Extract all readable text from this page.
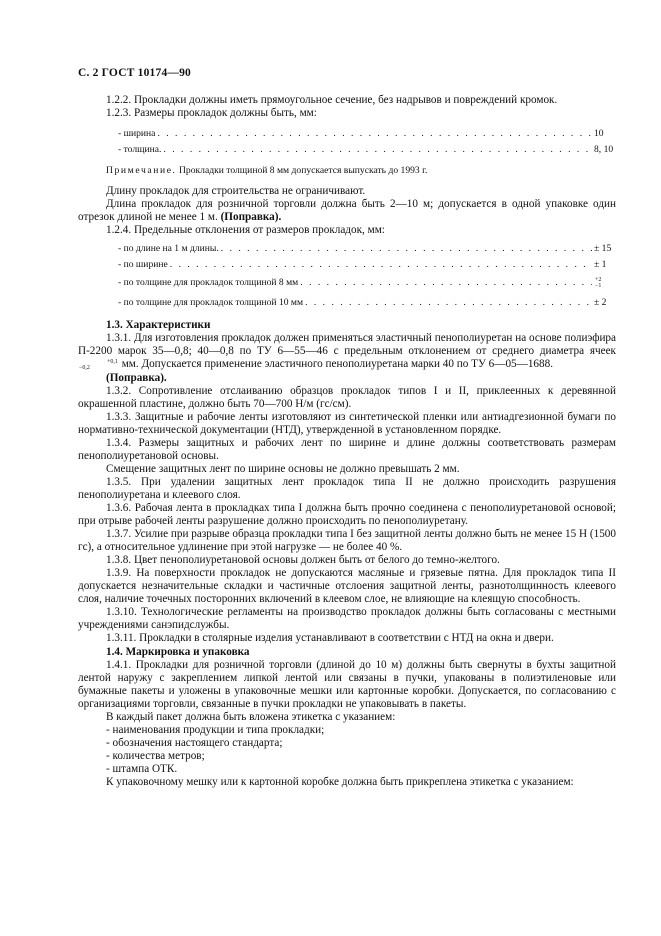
С. 2 ГОСТ 10174—90

1.2.2. Прокладки должны иметь прямоугольное сечение, без надрывов и повреждений кромок.

1.2.3. Размеры прокладок должны быть, мм:

- ширина . . .	10
- толщина. . . .	8, 10

Примечание. Прокладки толщиной 8 мм допускается выпускать до 1993 г.

Длину прокладок для строительства не ограничивают.

Длина прокладок для розничной торговли должна быть 2—10 м; допускается в одной упаковке один отрезок длиной не менее 1 м. (Поправка).

1.2.4. Предельные отклонения от размеров прокладок, мм:

- по длине на 1 м длины. . . .	± 15
- по ширине . . .	± 1
- по толщине для прокладок толщиной 8 мм . . .	+2
−1
- по толщине для прокладок толщиной 10 мм . . .	± 2

1.3. Характеристики

1.3.1. Для изготовления прокладок должен применяться эластичный пенополиуретан на основе полиэфира П-2200 марок 35—0,8; 40—0,8 по ТУ 6—55—46 с предельным отклонением от среднего диаметра ячеек +0,1
−0,2	мм. Допускается применение эластичного пенополиуретана марки 40 по ТУ 6—05—1688.

(Поправка).

1.3.2. Сопротивление отслаиванию образцов прокладок типов I и II, приклеенных к деревянной окрашенной пластине, должно быть 70—700 Н/м (гс/см).

1.3.3. Защитные и рабочие ленты изготовляют из синтетической пленки или антиадгезионной бумаги по нормативно-технической документации (НТД), утвержденной в установленном порядке.

1.3.4. Размеры защитных и рабочих лент по ширине и длине должны соответствовать размерам пенополиуретановой основы.

Смещение защитных лент по ширине основы не должно превышать 2 мм.

1.3.5. При удалении защитных лент прокладок типа II не должно происходить разрушения пенополиуретана и клеевого слоя.

1.3.6. Рабочая лента в прокладках типа I должна быть прочно соединена с пенополиуретановой основой; при отрыве рабочей ленты разрушение должно происходить по пенополиуретану.

1.3.7. Усилие при разрыве образца прокладки типа I без защитной ленты должно быть не менее 15 Н (1500 гс), а относительное удлинение при этой нагрузке — не более 40 %.

1.3.8. Цвет пенополиуретановой основы должен быть от белого до темно-желтого.

1.3.9. На поверхности прокладок не допускаются масляные и грязевые пятна. Для прокладок типа II допускается незначительные складки и частичные отслоения защитной ленты, разнотолщинность клеевого слоя, наличие точечных посторонних включений в клеевом слое, не влияющие на клеящую способность.

1.3.10. Технологические регламенты на производство прокладок должны быть согласованы с местными учреждениями санэпидслужбы.

1.3.11. Прокладки в столярные изделия устанавливают в соответствии с НТД на окна и двери.

1.4. Маркировка и упаковка

1.4.1. Прокладки для розничной торговли (длиной до 10 м) должны быть свернуты в бухты защитной лентой наружу с закреплением липкой лентой или связаны в пучки, упакованы в полиэтиленовые или бумажные пакеты и уложены в упаковочные мешки или картонные коробки. Допускается, по согласованию с организациями торговли, связанные в пучки прокладки не упаковывать в пакеты.

В каждый пакет должна быть вложена этикетка с указанием:

- наименования продукции и типа прокладки;

- обозначения настоящего стандарта;

- количества метров;

- штампа ОТК.

К упаковочному мешку или к картонной коробке должна быть прикреплена этикетка с указанием:
